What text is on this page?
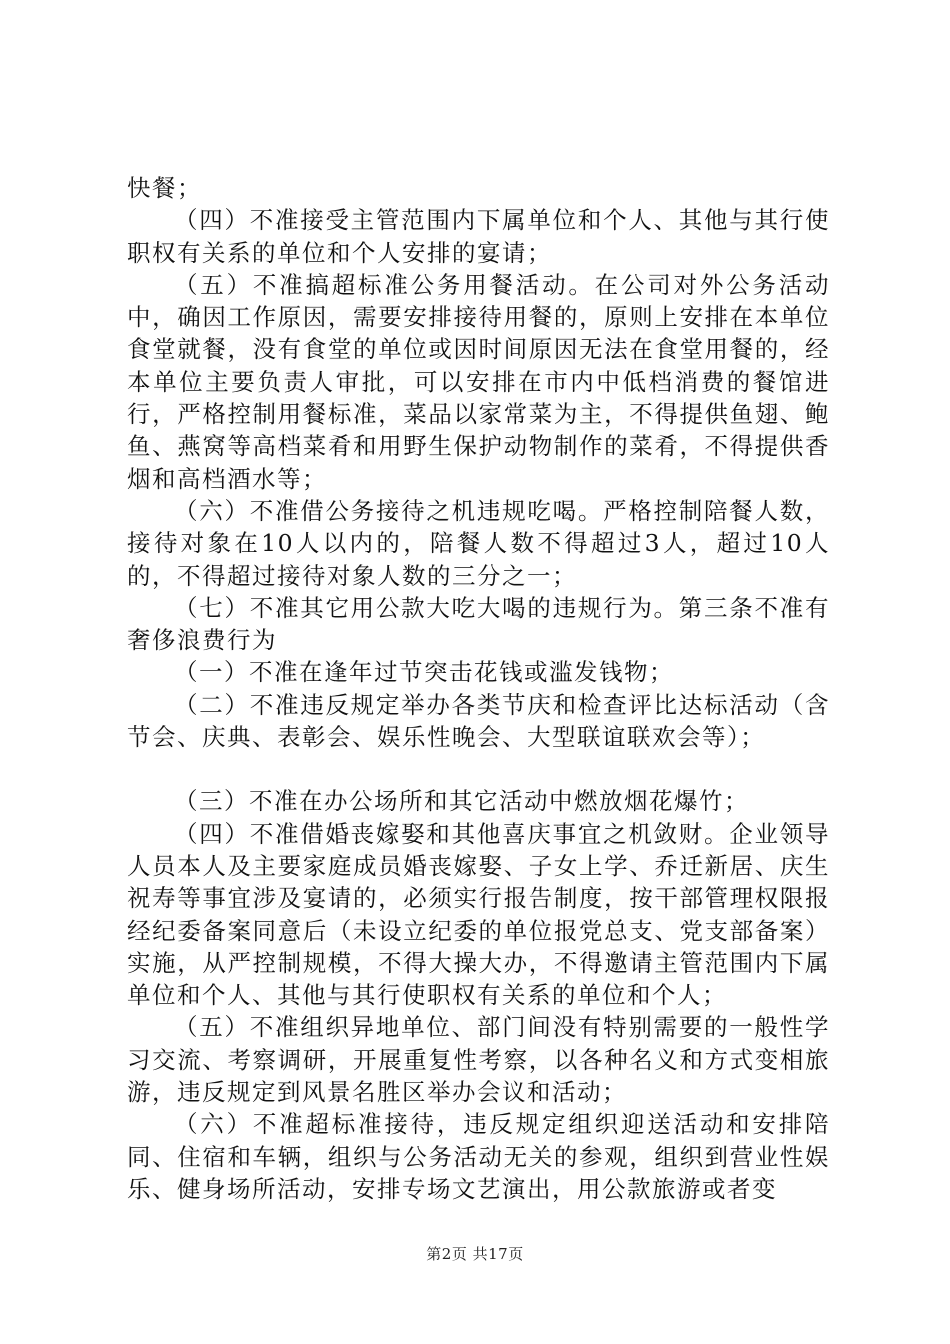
快餐；

（四）不准接受主管范围内下属单位和个人、其他与其行使职权有关系的单位和个人安排的宴请；

（五）不准搞超标准公务用餐活动。在公司对外公务活动中，确因工作原因，需要安排接待用餐的，原则上安排在本单位食堂就餐，没有食堂的单位或因时间原因无法在食堂用餐的，经本单位主要负责人审批，可以安排在市内中低档消费的餐馆进行，严格控制用餐标准，菜品以家常菜为主，不得提供鱼翅、鲍鱼、燕窝等高档菜肴和用野生保护动物制作的菜肴，不得提供香烟和高档酒水等；

（六）不准借公务接待之机违规吃喝。严格控制陪餐人数，接待对象在10人以内的，陪餐人数不得超过3人，超过10人的，不得超过接待对象人数的三分之一；

（七）不准其它用公款大吃大喝的违规行为。第三条不准有奢侈浪费行为

（一）不准在逢年过节突击花钱或滥发钱物；

（二）不准违反规定举办各类节庆和检查评比达标活动（含节会、庆典、表彰会、娱乐性晚会、大型联谊联欢会等）；

（三）不准在办公场所和其它活动中燃放烟花爆竹；

（四）不准借婚丧嫁娶和其他喜庆事宜之机敛财。企业领导人员本人及主要家庭成员婚丧嫁娶、子女上学、乔迁新居、庆生祝寿等事宜涉及宴请的，必须实行报告制度，按干部管理权限报经纪委备案同意后（未设立纪委的单位报党总支、党支部备案）实施，从严控制规模，不得大操大办，不得邀请主管范围内下属单位和个人、其他与其行使职权有关系的单位和个人；

（五）不准组织异地单位、部门间没有特别需要的一般性学习交流、考察调研，开展重复性考察，以各种名义和方式变相旅游，违反规定到风景名胜区举办会议和活动；

（六）不准超标准接待，违反规定组织迎送活动和安排陪同、住宿和车辆，组织与公务活动无关的参观，组织到营业性娱乐、健身场所活动，安排专场文艺演出，用公款旅游或者变

第2页 共17页
